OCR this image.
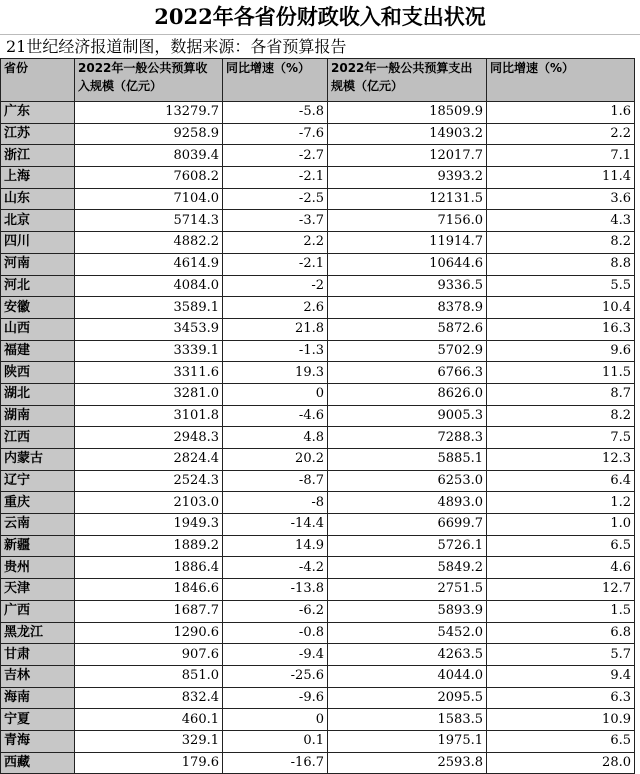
2022年各省份财政收入和支出状况
21世纪经济报道制图，数据来源：各省预算报告
省份	2022年一般公共预算收入规模（亿元）	同比增速（%）	2022年一般公共预算支出规模（亿元）	同比增速（%）
广东	13279.7	-5.8	18509.9	1.6
江苏	9258.9	-7.6	14903.2	2.2
浙江	8039.4	-2.7	12017.7	7.1
上海	7608.2	-2.1	9393.2	11.4
山东	7104.0	-2.5	12131.5	3.6
北京	5714.3	-3.7	7156.0	4.3
四川	4882.2	2.2	11914.7	8.2
河南	4614.9	-2.1	10644.6	8.8
河北	4084.0	-2	9336.5	5.5
安徽	3589.1	2.6	8378.9	10.4
山西	3453.9	21.8	5872.6	16.3
福建	3339.1	-1.3	5702.9	9.6
陕西	3311.6	19.3	6766.3	11.5
湖北	3281.0	0	8626.0	8.7
湖南	3101.8	-4.6	9005.3	8.2
江西	2948.3	4.8	7288.3	7.5
内蒙古	2824.4	20.2	5885.1	12.3
辽宁	2524.3	-8.7	6253.0	6.4
重庆	2103.0	-8	4893.0	1.2
云南	1949.3	-14.4	6699.7	1.0
新疆	1889.2	14.9	5726.1	6.5
贵州	1886.4	-4.2	5849.2	4.6
天津	1846.6	-13.8	2751.5	12.7
广西	1687.7	-6.2	5893.9	1.5
黑龙江	1290.6	-0.8	5452.0	6.8
甘肃	907.6	-9.4	4263.5	5.7
吉林	851.0	-25.6	4044.0	9.4
海南	832.4	-9.6	2095.5	6.3
宁夏	460.1	0	1583.5	10.9
青海	329.1	0.1	1975.1	6.5
西藏	179.6	-16.7	2593.8	28.0
